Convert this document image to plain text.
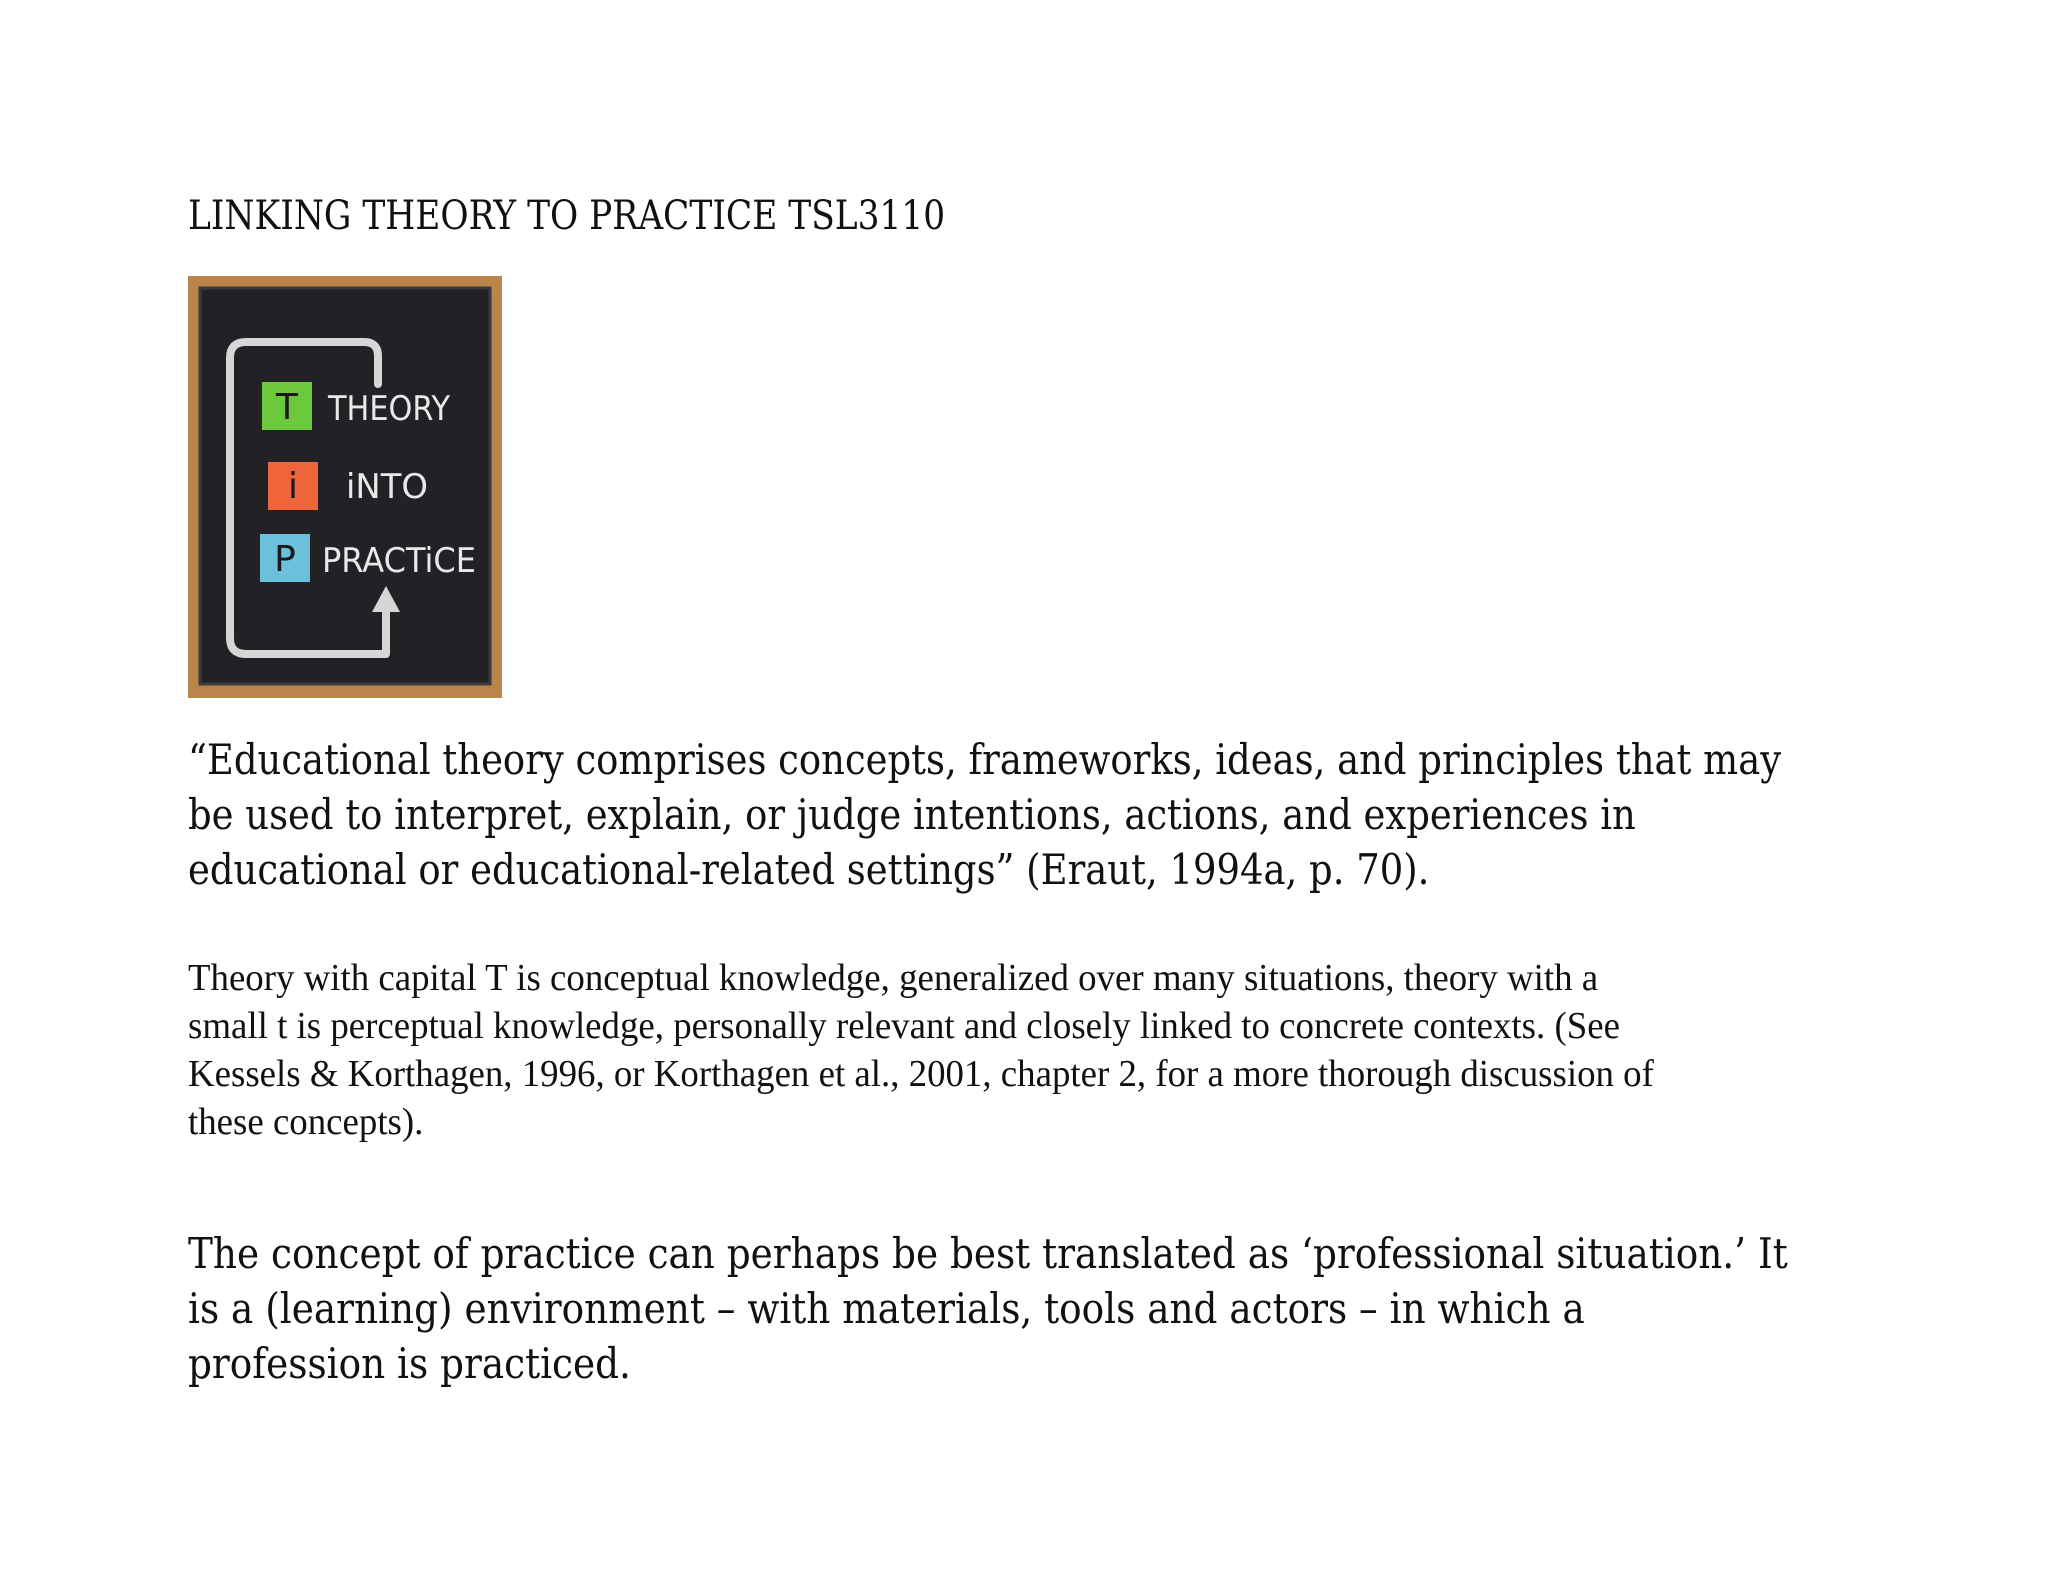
LINKING THEORY TO PRACTICE TSL3110
T THEORY
i iNTO
P PRACTiCE

“Educational theory comprises concepts, frameworks, ideas, and principles that may
be used to interpret, explain, or judge intentions, actions, and experiences in
educational or educational-related settings” (Eraut, 1994a, p. 70).

Theory with capital T is conceptual knowledge, generalized over many situations, theory with a
small t is perceptual knowledge, personally relevant and closely linked to concrete contexts. (See
Kessels & Korthagen, 1996, or Korthagen et al., 2001, chapter 2, for a more thorough discussion of
these concepts).

The concept of practice can perhaps be best translated as ‘professional situation.’ It
is a (learning) environment – with materials, tools and actors – in which a
profession is practiced.
